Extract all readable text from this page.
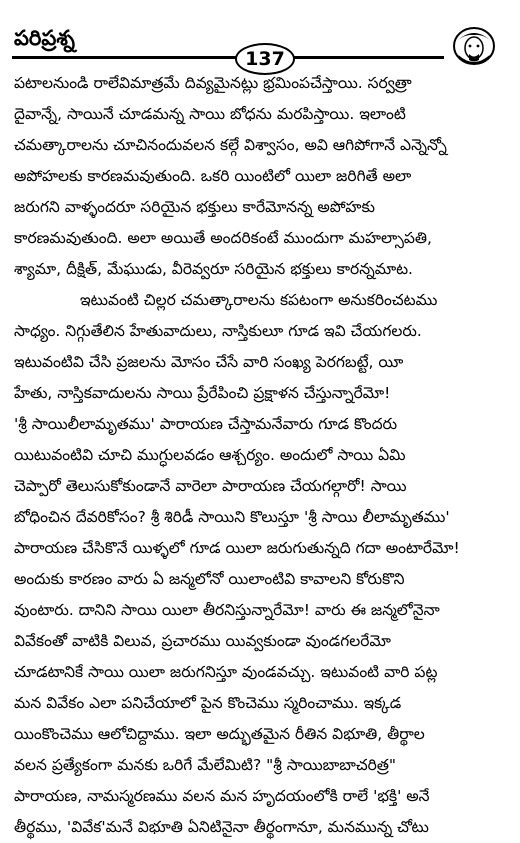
పరిప్రశ్న
137
పటాలనుండి రాలేవిమాత్రమే దివ్యమైనట్లు భ్రమింపచేస్తాయి. సర్వత్రా
దైవాన్నే, సాయినే చూడమన్న సాయి బోధను మరపిస్తాయి. ఇలాంటి
చమత్కారాలను చూచినందువలన కల్గే విశ్వాసం, అవి ఆగిపోగానే ఎన్నెన్నో
అపోహలకు కారణమవుతుంది. ఒకరి యింటిలో యిలా జరిగితే అలా
జరుగని వాళ్ళందరూ సరియైన భక్తులు కారేమోనన్న అపోహకు
కారణమవుతుంది. అలా అయితే అందరికంటే ముందుగా మహల్సాపతి,
శ్యామా, దీక్షిత్, మేఘుడు, వీరెవ్వరూ సరియైన భక్తులు కారన్నమాట.
ఇటువంటి చిల్లర చమత్కారాలను కపటంగా అనుకరించటము
సాధ్యం. నిగ్గుతేలిన హేతువాదులు, నాస్తికులూ గూడ ఇవి చేయగలరు.
ఇటువంటివి చేసి ప్రజలను మోసం చేసే వారి సంఖ్య పెరగబట్టే, యీ
హేతు, నాస్తికవాదులను సాయి ప్రేరేపించి ప్రక్షాళన చేస్తున్నారేమో!
'శ్రీ సాయిలీలామృతము' పారాయణ చేస్తామనేవారు గూడ కొందరు
యిటువంటివి చూచి ముగ్ధులవడం ఆశ్చర్యం. అందులో సాయి ఏమి
చెప్పారో తెలుసుకోకుండానే వారెలా పారాయణ చేయగల్గారో! సాయి
బోధించిన దేవరికోసం? శ్రీ శిరిడీ సాయిని కొలుస్తూ 'శ్రీ సాయి లీలామృతము'
పారాయణ చేసికొనే యిళ్ళలో గూడ యిలా జరుగుతున్నది గదా అంటారేమో!
అందుకు కారణం వారు ఏ జన్మలోనో యిలాంటివి కావాలని కోరుకొని
వుంటారు. దానిని సాయి యిలా తీరనిస్తున్నారేమో! వారు ఈ జన్మలోనైనా
వివేకంతో వాటికి విలువ, ప్రచారము యివ్వకుండా వుండగలరేమో
చూడటానికే సాయి యిలా జరుగనిస్తూ వుండవచ్చు. ఇటువంటి వారి పట్ల
మన వివేకం ఎలా పనిచేయాలో పైన కొంచెము స్మరించాము. ఇక్కడ
యింకొంచెము ఆలోచిద్దాము. ఇలా అద్భుతమైన రీతిన విభూతి, తీర్థాల
వలన ప్రత్యేకంగా మనకు ఒరిగే మేలేమిటి? "శ్రీ సాయిబాబాచరిత్ర"
పారాయణ, నామస్మరణము వలన మన హృదయంలోకి రాలే 'భక్తి' అనే
తీర్థము, 'వివేక'మనే విభూతి ఏనిటినైనా తీర్థంగానూ, మనమున్న చోటు
